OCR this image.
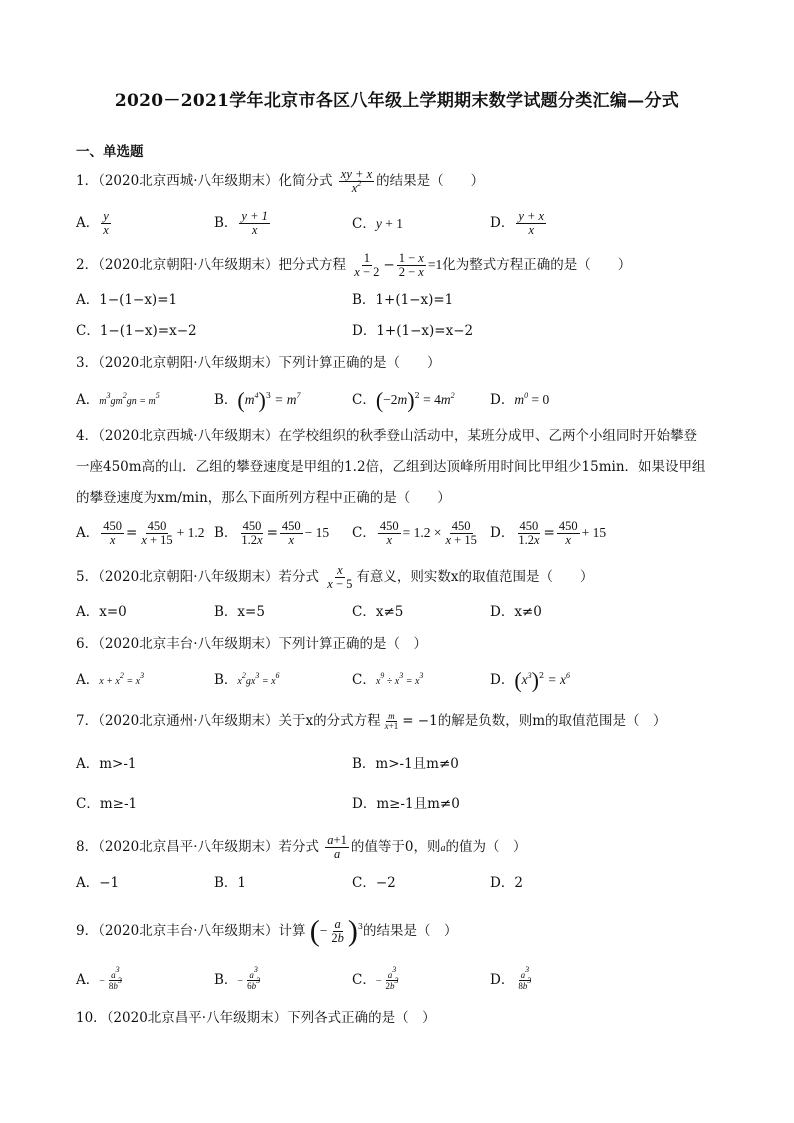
2020－2021学年北京市各区八年级上学期期末数学试题分类汇编—分式
一、单选题
1．（2020北京西城·八年级期末）化简分式 $\frac{xy + x}{x^2}$ 的结果是（　　）
A． $\frac{y}{x}$	B． $\frac{y + 1}{x}$	C．y + 1	D． $\frac{y + x}{x}$
2．（2020北京朝阳·八年级期末）把分式方程 $\frac{1}{x - 2} - \frac{1 - x}{2 - x} =1$化为整式方程正确的是（　　）
A．1−(1−x)=1	B．1+(1−x)=1
C．1−(1−x)=x−2	D．1+(1−x)=x−2
3．（2020北京朝阳·八年级期末）下列计算正确的是（　　）
A．$m^3gm^2gn = m^5$	B．$(m^4)^3 = m^7$	C．$(-2m)^2 = 4m^2$	D．$m^0 = 0$
4．（2020北京西城·八年级期末）在学校组织的秋季登山活动中，某班分成甲、乙两个小组同时开始攀登
一座450m高的山．乙组的攀登速度是甲组的1.2倍，乙组到达顶峰所用时间比甲组少15min．如果设甲组
的攀登速度为xm/min，那么下面所列方程中正确的是（　　）
A． $\frac{450}{x} = \frac{450}{x + 15} + 1.2$ B． $\frac{450}{1.2x} = \frac{450}{x} - 15$ C． $\frac{450}{x} = 1.2 \times \frac{450}{x + 15}$ D． $\frac{450}{1.2x} = \frac{450}{x} + 15$
5．（2020北京朝阳·八年级期末）若分式 $\frac{x}{x - 5}$ 有意义，则实数x的取值范围是（　　）
A．x=0	B．x=5	C．x≠5	D．x≠0
6．（2020北京丰台·八年级期末）下列计算正确的是（　）
A．$x + x^2 = x^3$	B．$x^2gx^3 = x^6$	C．$x^9 \div x^3 = x^3$	D．$(x^3)^2 = x^6$
7．（2020北京通州·八年级期末）关于x的分式方程 $\frac{m}{x+1} = -1$的解是负数，则m的取值范围是（　）
A．m>-1	B．m>-1且m≠0
C．m≥-1	D．m≥-1且m≠0
8．（2020北京昌平·八年级期末）若分式 $\frac{a+1}{a}$ 的值等于0，则a的值为（　）
A．−1	B．1	C．−2	D．2
9．（2020北京丰台·八年级期末）计算 (− $\frac{a}{2b} )^3$的结果是（　）
A．− $\frac{a^3}{8b^3}$	B．− $\frac{a^3}{6b^3}$	C．− $\frac{a^3}{2b^3}$	D． $\frac{a^3}{8b^3}$
10．（2020北京昌平·八年级期末）下列各式正确的是（　）
